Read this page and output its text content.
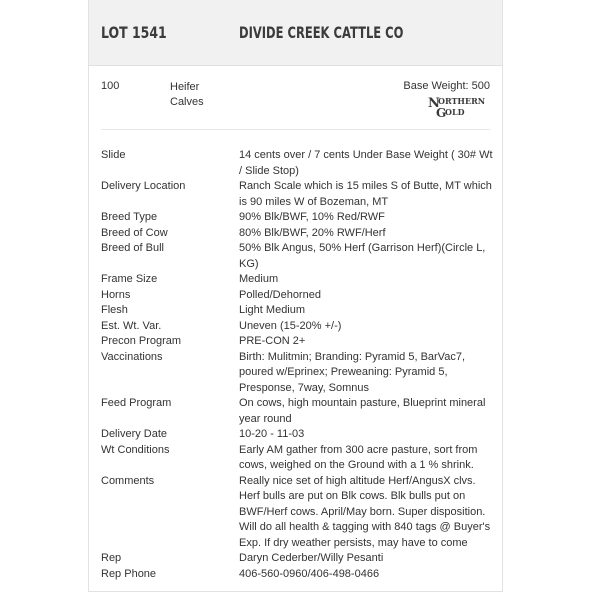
LOT 1541	DIVIDE CREEK CATTLE CO
100	Heifer Calves
Base Weight: 500
N
ORTHERN
G
OLD
Slide	14 cents over / 7 cents Under Base Weight ( 30# Wt / Slide Stop)
Delivery Location	Ranch Scale which is 15 miles S of Butte, MT which is 90 miles W of Bozeman, MT
Breed Type	90% Blk/BWF, 10% Red/RWF
Breed of Cow	80% Blk/BWF, 20% RWF/Herf
Breed of Bull	50% Blk Angus, 50% Herf (Garrison Herf)(Circle L, KG)
Frame Size	Medium
Horns	Polled/Dehorned
Flesh	Light Medium
Est. Wt. Var.	Uneven (15-20% +/-)
Precon Program	PRE-CON 2+
Vaccinations	Birth: Mulitmin; Branding: Pyramid 5, BarVac7, poured w/Eprinex; Preweaning: Pyramid 5, Presponse, 7way, Somnus
Feed Program	On cows, high mountain pasture, Blueprint mineral year round
Delivery Date	10-20 - 11-03
Wt Conditions	Early AM gather from 300 acre pasture, sort from cows, weighed on the Ground with a 1 % shrink.
Comments	Really nice set of high altitude Herf/AngusX clvs. Herf bulls are put on Blk cows. Blk bulls put on BWF/Herf cows. April/May born. Super disposition. Will do all health & tagging with 840 tags @ Buyer's Exp. If dry weather persists, may have to come
Rep	Daryn Cederber/Willy Pesanti
Rep Phone	406-560-0960/406-498-0466
